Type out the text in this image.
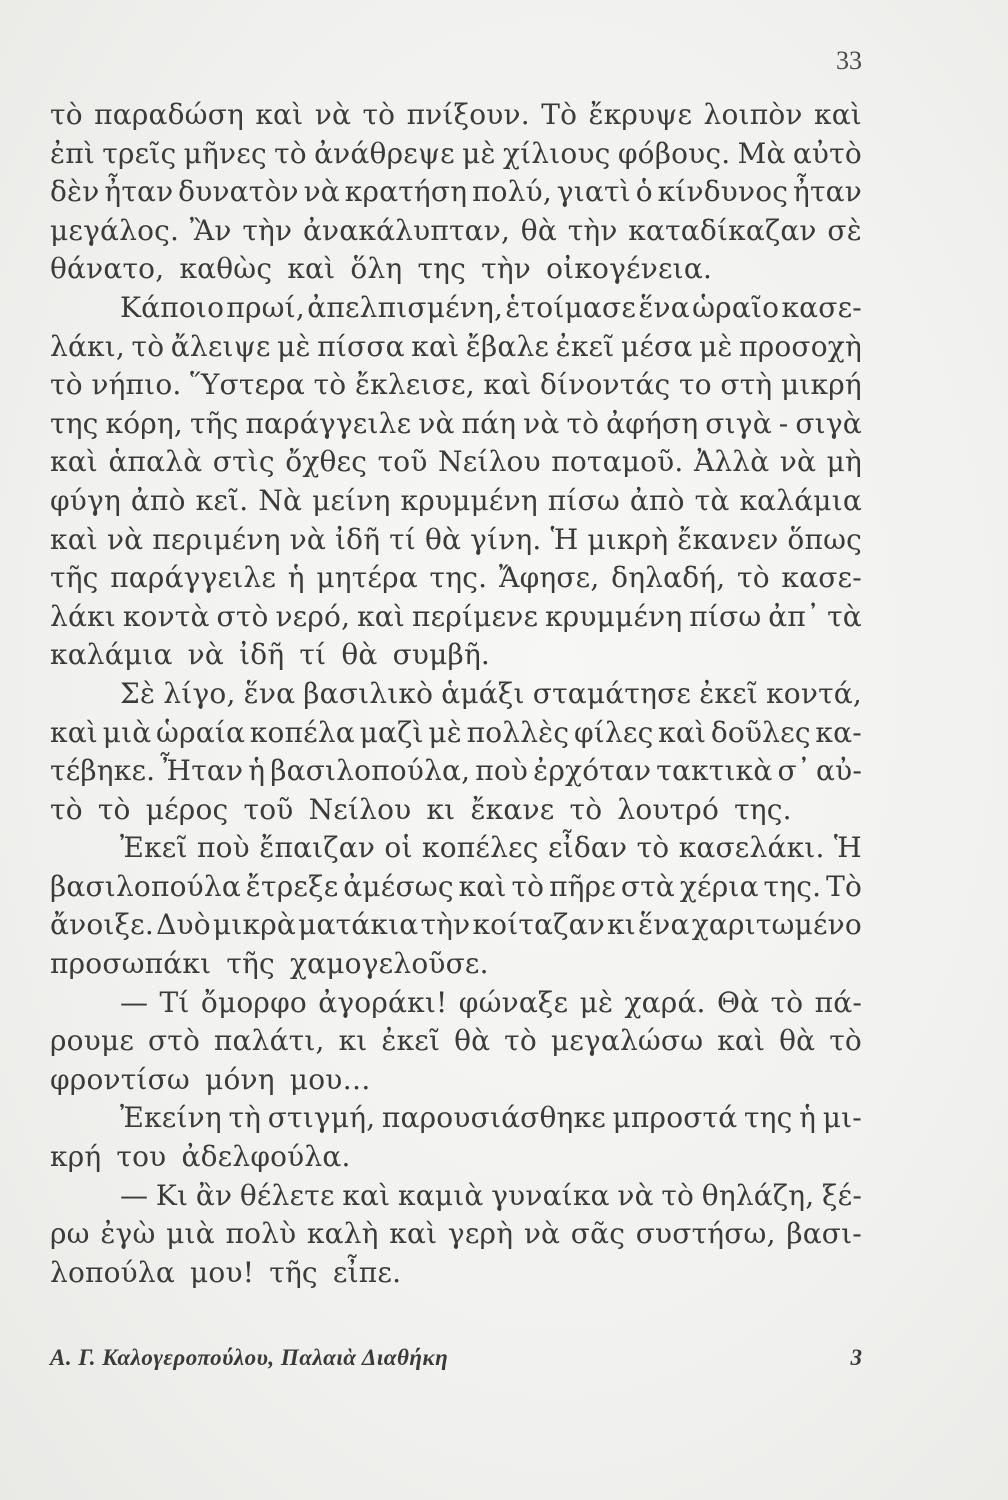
33
τὸ παραδώση καὶ νὰ τὸ πνίξουν. Τὸ ἔκρυψε λοιπὸν καὶ
ἐπὶ τρεῖς μῆνες τὸ ἀνάθρεψε μὲ χίλιους φόβους. Μὰ αὐτὸ
δὲν ἦταν δυνατὸν νὰ κρατήση πολύ, γιατὶ ὁ κίνδυνος ἦταν
μεγάλος. Ἂν τὴν ἀνακάλυπταν, θὰ τὴν καταδίκαζαν σὲ
θάνατο, καθὼς καὶ ὅλη της τὴν οἰκογένεια.
Κάποιο πρωί, ἀπελπισμένη, ἑτοίμασε ἕνα ὡραῖο κασε-
λάκι, τὸ ἄλειψε μὲ πίσσα καὶ ἔβαλε ἐκεῖ μέσα μὲ προσοχὴ
τὸ νήπιο. Ὕστερα τὸ ἔκλεισε, καὶ δίνοντάς το στὴ μικρή
της κόρη, τῆς παράγγειλε νὰ πάη νὰ τὸ ἀφήση σιγὰ - σιγὰ
καὶ ἁπαλὰ στὶς ὄχθες τοῦ Νείλου ποταμοῦ. Ἀλλὰ νὰ μὴ
φύγη ἀπὸ κεῖ. Νὰ μείνη κρυμμένη πίσω ἀπὸ τὰ καλάμια
καὶ νὰ περιμένη νὰ ἰδῆ τί θὰ γίνη. Ἡ μικρὴ ἔκανεν ὅπως
τῆς παράγγειλε ἡ μητέρα της. Ἄφησε, δηλαδή, τὸ κασε-
λάκι κοντὰ στὸ νερό, καὶ περίμενε κρυμμένη πίσω ἀπ᾽ τὰ
καλάμια νὰ ἰδῆ τί θὰ συμβῆ.
Σὲ λίγο, ἕνα βασιλικὸ ἁμάξι σταμάτησε ἐκεῖ κοντά,
καὶ μιὰ ὡραία κοπέλα μαζὶ μὲ πολλὲς φίλες καὶ δοῦλες κα-
τέβηκε. Ἦταν ἡ βασιλοπούλα, ποὺ ἐρχόταν τακτικὰ σ᾽ αὐ-
τὸ τὸ μέρος τοῦ Νείλου κι ἔκανε τὸ λουτρό της.
Ἐκεῖ ποὺ ἔπαιζαν οἱ κοπέλες εἶδαν τὸ κασελάκι. Ἡ
βασιλοπούλα ἔτρεξε ἀμέσως καὶ τὸ πῆρε στὰ χέρια της. Τὸ
ἄνοιξε. Δυὸ μικρὰ ματάκια τὴν κοίταζαν κι ἕνα χαριτωμένο
προσωπάκι τῆς χαμογελοῦσε.
— Τί ὄμορφο ἀγοράκι! φώναξε μὲ χαρά. Θὰ τὸ πά-
ρουμε στὸ παλάτι, κι ἐκεῖ θὰ τὸ μεγαλώσω καὶ θὰ τὸ
φροντίσω μόνη μου…
Ἐκείνη τὴ στιγμή, παρουσιάσθηκε μπροστά της ἡ μι-
κρή του ἀδελφούλα.
— Κι ἂν θέλετε καὶ καμιὰ γυναίκα νὰ τὸ θηλάζη, ξέ-
ρω ἐγὼ μιὰ πολὺ καλὴ καὶ γερὴ νὰ σᾶς συστήσω, βασι-
λοπούλα μου! τῆς εἶπε.
Α. Γ. Καλογεροπούλου, Παλαιὰ Διαθήκη	3
